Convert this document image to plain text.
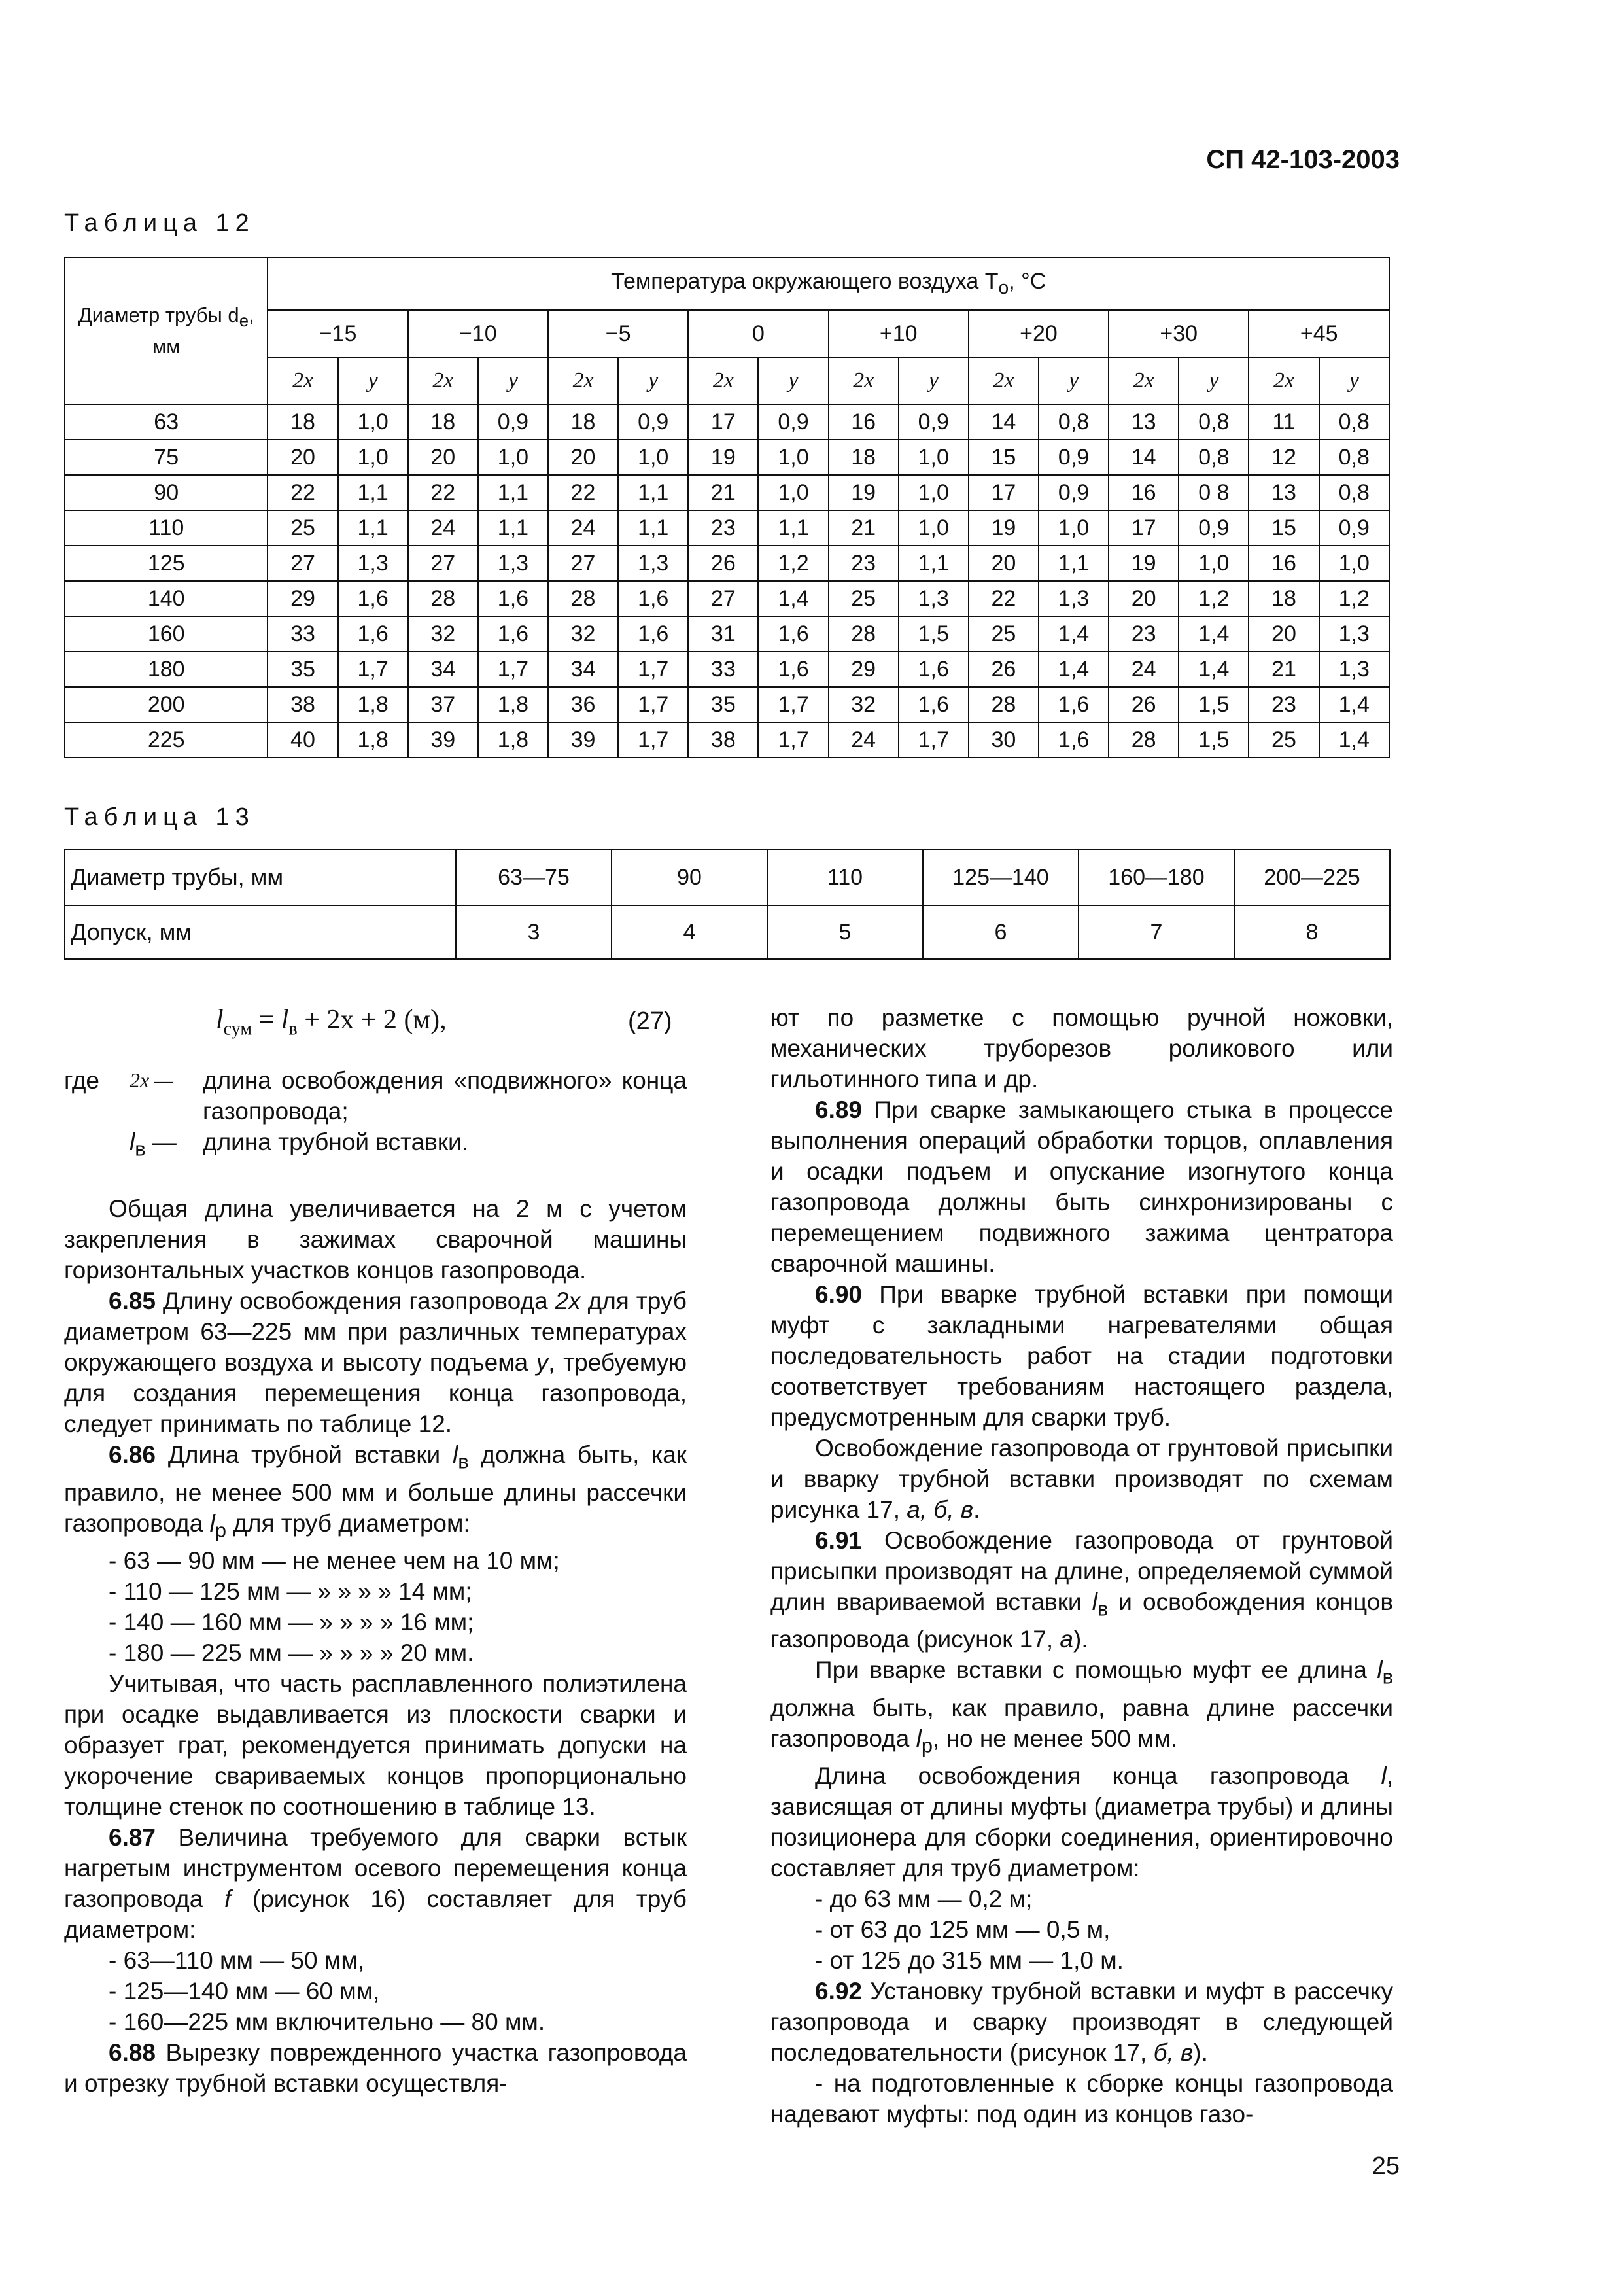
СП 42-103-2003
Таблица 12
Диаметр трубы $d_e$, мм	Температура окружающего воздуха $T_o$, °С															
	−15		−10		−5		0		+10		+20		+30		+45	
	2x	y	2x	y	2x	y	2x	y	2x	y	2x	y	2x	y	2x	y
63	18	1,0	18	0,9	18	0,9	17	0,9	16	0,9	14	0,8	13	0,8	11	0,8
75	20	1,0	20	1,0	20	1,0	19	1,0	18	1,0	15	0,9	14	0,8	12	0,8
90	22	1,1	22	1,1	22	1,1	21	1,0	19	1,0	17	0,9	16	0 8	13	0,8
110	25	1,1	24	1,1	24	1,1	23	1,1	21	1,0	19	1,0	17	0,9	15	0,9
125	27	1,3	27	1,3	27	1,3	26	1,2	23	1,1	20	1,1	19	1,0	16	1,0
140	29	1,6	28	1,6	28	1,6	27	1,4	25	1,3	22	1,3	20	1,2	18	1,2
160	33	1,6	32	1,6	32	1,6	31	1,6	28	1,5	25	1,4	23	1,4	20	1,3
180	35	1,7	34	1,7	34	1,7	33	1,6	29	1,6	26	1,4	24	1,4	21	1,3
200	38	1,8	37	1,8	36	1,7	35	1,7	32	1,6	28	1,6	26	1,5	23	1,4
225	40	1,8	39	1,8	39	1,7	38	1,7	24	1,7	30	1,6	28	1,5	25	1,4
Таблица 13
Диаметр трубы, мм	63—75	90	110	125—140	160—180	200—225
Допуск, мм	3	4	5	6	7	8
$l_{сум} = l_в + 2x + 2$ (м),	(27)
где	2x —	длина освобождения «подвижного» конца газопровода;
$l_в$ —	длина трубной вставки.

Общая длина увеличивается на 2 м с учетом закрепления в зажимах сварочной машины горизонтальных участков концов газопровода.

6.85 Длину освобождения газопровода 2x для труб диаметром 63—225 мм при различных температурах окружающего воздуха и высоту подъема y, требуемую для создания перемещения конца газопровода, следует принимать по таблице 12.

6.86 Длина трубной вставки $l_в$ должна быть, как правило, не менее 500 мм и больше длины рассечки газопровода $l_р$ для труб диаметром:

- 63 — 90 мм — не менее чем на 10 мм;
- 110 — 125 мм — » » » » 14 мм;
- 140 — 160 мм — » » » » 16 мм;
- 180 — 225 мм — » » » » 20 мм.

Учитывая, что часть расплавленного полиэтилена при осадке выдавливается из плоскости сварки и образует грат, рекомендуется принимать допуски на укорочение свариваемых концов пропорционально толщине стенок по соотношению в таблице 13.

6.87 Величина требуемого для сварки встык нагретым инструментом осевого перемещения конца газопровода f (рисунок 16) составляет для труб диаметром:

- 63—110 мм — 50 мм,
- 125—140 мм — 60 мм,
- 160—225 мм включительно — 80 мм.

6.88 Вырезку поврежденного участка газопровода и отрезку трубной вставки осуществля-

ют по разметке с помощью ручной ножовки, механических труборезов роликового или гильотинного типа и др.

6.89 При сварке замыкающего стыка в процессе выполнения операций обработки торцов, оплавления и осадки подъем и опускание изогнутого конца газопровода должны быть синхронизированы с перемещением подвижного зажима центратора сварочной машины.

6.90 При вварке трубной вставки при помощи муфт с закладными нагревателями общая последовательность работ на стадии подготовки соответствует требованиям настоящего раздела, предусмотренным для сварки труб.

Освобождение газопровода от грунтовой присыпки и вварку трубной вставки производят по схемам рисунка 17, а, б, в.

6.91 Освобождение газопровода от грунтовой присыпки производят на длине, определяемой суммой длин ввариваемой вставки $l_в$ и освобождения концов газопровода (рисунок 17, а).

При вварке вставки с помощью муфт ее длина $l_в$ должна быть, как правило, равна длине рассечки газопровода $l_р$, но не менее 500 мм.

Длина освобождения конца газопровода l, зависящая от длины муфты (диаметра трубы) и длины позиционера для сборки соединения, ориентировочно составляет для труб диаметром:

- до 63 мм — 0,2 м;
- от 63 до 125 мм — 0,5 м,
- от 125 до 315 мм — 1,0 м.

6.92 Установку трубной вставки и муфт в рассечку газопровода и сварку производят в следующей последовательности (рисунок 17, б, в).

- на подготовленные к сборке концы газопровода надевают муфты: под один из концов газо-

25
